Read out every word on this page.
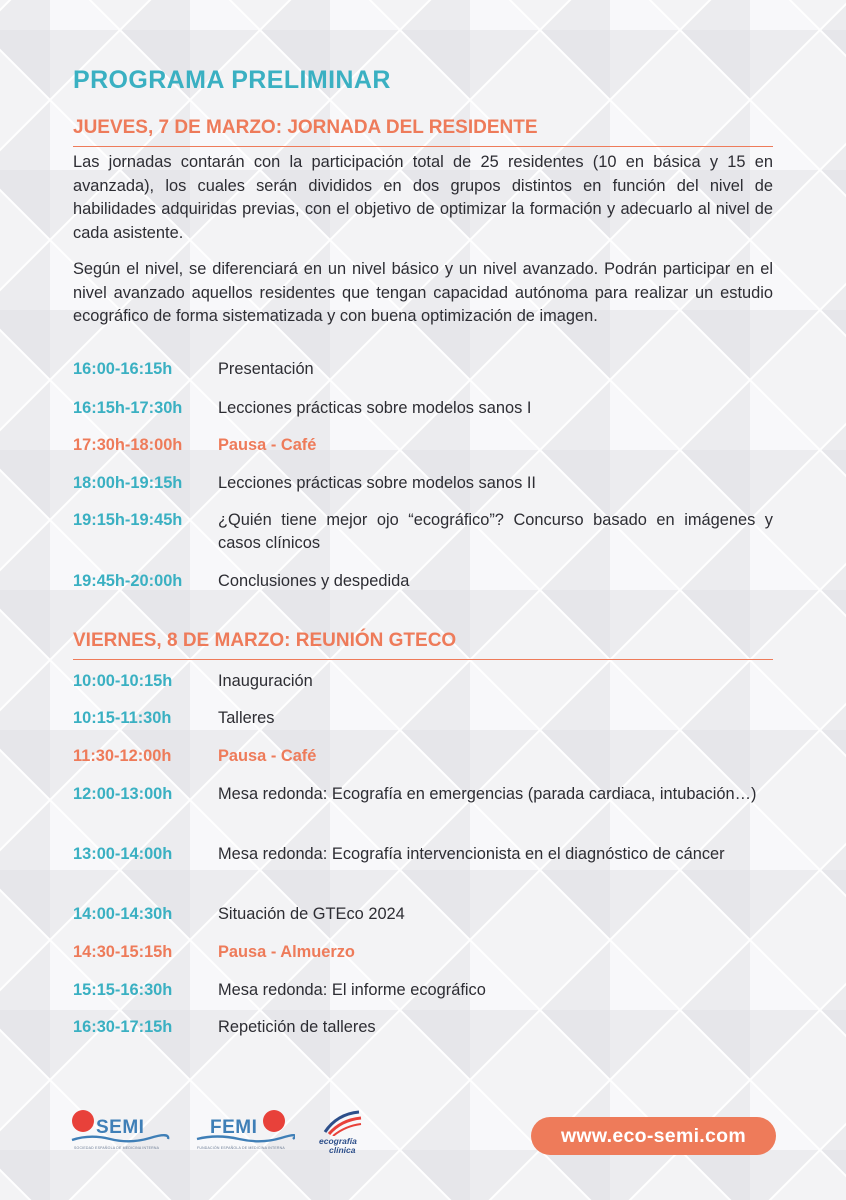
PROGRAMA PRELIMINAR
JUEVES, 7 DE MARZO: JORNADA DEL RESIDENTE
Las jornadas contarán con la participación total de 25 residentes (10 en básica y 15 en avanzada), los cuales serán divididos en dos grupos distintos en función del nivel de habilidades adquiridas previas, con el objetivo de optimizar la formación y adecuarlo al nivel de cada asistente.
Según el nivel, se diferenciará en un nivel básico y un nivel avanzado. Podrán participar en el nivel avanzado aquellos residentes que tengan capacidad autónoma para realizar un estudio ecográfico de forma sistematizada y con buena optimización de imagen.
16:00-16:15h	Presentación
16:15h-17:30h	Lecciones prácticas sobre modelos sanos I
17:30h-18:00h	Pausa - Café
18:00h-19:15h	Lecciones prácticas sobre modelos sanos II
19:15h-19:45h	¿Quién tiene mejor ojo “ecográfico”? Concurso basado en imágenes y casos clínicos
19:45h-20:00h	Conclusiones y despedida
VIERNES, 8 DE MARZO: REUNIÓN GTECO
10:00-10:15h	Inauguración
10:15-11:30h	Talleres
11:30-12:00h	Pausa - Café
12:00-13:00h	Mesa redonda: Ecografía en emergencias (parada cardiaca, intubación…)
13:00-14:00h	Mesa redonda: Ecografía intervencionista en el diagnóstico de cáncer
14:00-14:30h	Situación de GTEco 2024
14:30-15:15h	Pausa - Almuerzo
15:15-16:30h	Mesa redonda: El informe ecográfico
16:30-17:15h	Repetición de talleres
SEMI
SOCIEDAD ESPAÑOLA DE MEDICINA INTERNA
FEMI
FUNDACIÓN ESPAÑOLA DE MEDICINA INTERNA
ecografía
clínica
www.eco-semi.com
